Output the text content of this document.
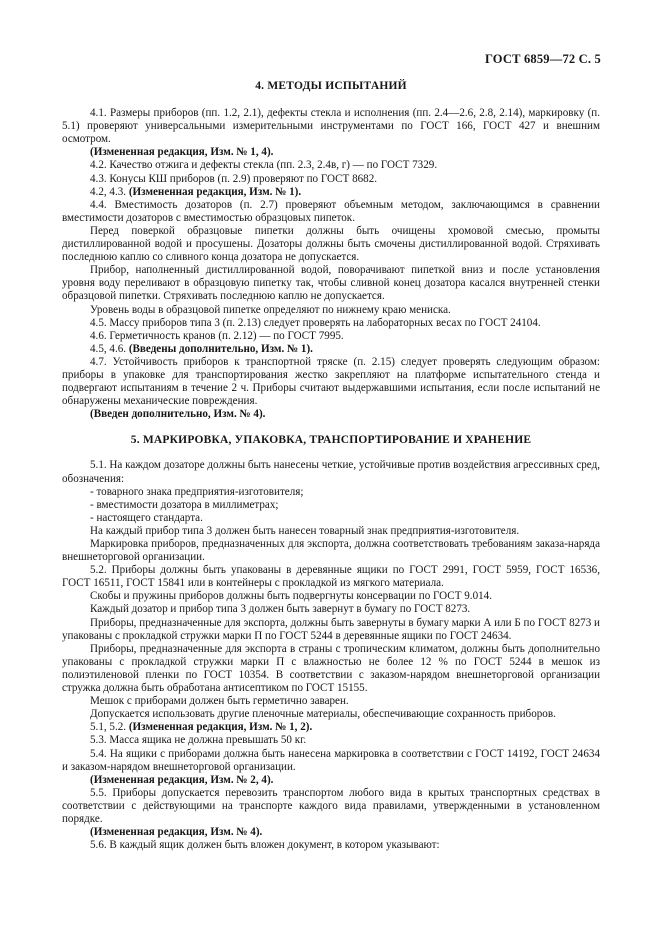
ГОСТ 6859—72 С. 5
4. МЕТОДЫ ИСПЫТАНИЙ

4.1. Размеры приборов (пп. 1.2, 2.1), дефекты стекла и исполнения (пп. 2.4—2.6, 2.8, 2.14), маркировку (п. 5.1) проверяют универсальными измерительными инструментами по ГОСТ 166, ГОСТ 427 и внешним осмотром.

(Измененная редакция, Изм. № 1, 4).

4.2. Качество отжига и дефекты стекла (пп. 2.3, 2.4в, г) — по ГОСТ 7329.

4.3. Конусы КШ приборов (п. 2.9) проверяют по ГОСТ 8682.

4.2, 4.3. (Измененная редакция, Изм. № 1).

4.4. Вместимость дозаторов (п. 2.7) проверяют объемным методом, заключающимся в сравнении вместимости дозаторов с вместимостью образцовых пипеток.

Перед поверкой образцовые пипетки должны быть очищены хромовой смесью, промыты дистиллированной водой и просушены. Дозаторы должны быть смочены дистиллированной водой. Стряхивать последнюю каплю со сливного конца дозатора не допускается.

Прибор, наполненный дистиллированной водой, поворачивают пипеткой вниз и после установления уровня воду переливают в образцовую пипетку так, чтобы сливной конец дозатора касался внутренней стенки образцовой пипетки. Стряхивать последнюю каплю не допускается.

Уровень воды в образцовой пипетке определяют по нижнему краю мениска.

4.5. Массу приборов типа 3 (п. 2.13) следует проверять на лабораторных весах по ГОСТ 24104.

4.6. Герметичность кранов (п. 2.12) — по ГОСТ 7995.

4.5, 4.6. (Введены дополнительно, Изм. № 1).

4.7. Устойчивость приборов к транспортной тряске (п. 2.15) следует проверять следующим образом: приборы в упаковке для транспортирования жестко закрепляют на платформе испытательного стенда и подвергают испытаниям в течение 2 ч. Приборы считают выдержавшими испытания, если после испытаний не обнаружены механические повреждения.

(Введен дополнительно, Изм. № 4).

5. МАРКИРОВКА, УПАКОВКА, ТРАНСПОРТИРОВАНИЕ И ХРАНЕНИЕ

5.1. На каждом дозаторе должны быть нанесены четкие, устойчивые против воздействия агрессивных сред, обозначения:

- товарного знака предприятия-изготовителя;

- вместимости дозатора в миллиметрах;

- настоящего стандарта.

На каждый прибор типа 3 должен быть нанесен товарный знак предприятия-изготовителя.

Маркировка приборов, предназначенных для экспорта, должна соответствовать требованиям заказа-наряда внешнеторговой организации.

5.2. Приборы должны быть упакованы в деревянные ящики по ГОСТ 2991, ГОСТ 5959, ГОСТ 16536, ГОСТ 16511, ГОСТ 15841 или в контейнеры с прокладкой из мягкого материала.

Скобы и пружины приборов должны быть подвергнуты консервации по ГОСТ 9.014.

Каждый дозатор и прибор типа 3 должен быть завернут в бумагу по ГОСТ 8273.

Приборы, предназначенные для экспорта, должны быть завернуты в бумагу марки А или Б по ГОСТ 8273 и упакованы с прокладкой стружки марки П по ГОСТ 5244 в деревянные ящики по ГОСТ 24634.

Приборы, предназначенные для экспорта в страны с тропическим климатом, должны быть дополнительно упакованы с прокладкой стружки марки П с влажностью не более 12 % по ГОСТ 5244 в мешок из полиэтиленовой пленки по ГОСТ 10354. В соответствии с заказом-нарядом внешнеторговой организации стружка должна быть обработана антисептиком по ГОСТ 15155.

Мешок с приборами должен быть герметично заварен.

Допускается использовать другие пленочные материалы, обеспечивающие сохранность приборов.

5.1, 5.2. (Измененная редакция, Изм. № 1, 2).

5.3. Масса ящика не должна превышать 50 кг.

5.4. На ящики с приборами должна быть нанесена маркировка в соответствии с ГОСТ 14192, ГОСТ 24634 и заказом-нарядом внешнеторговой организации.

(Измененная редакция, Изм. № 2, 4).

5.5. Приборы допускается перевозить транспортом любого вида в крытых транспортных средствах в соответствии с действующими на транспорте каждого вида правилами, утвержденными в установленном порядке.

(Измененная редакция, Изм. № 4).

5.6. В каждый ящик должен быть вложен документ, в котором указывают:
